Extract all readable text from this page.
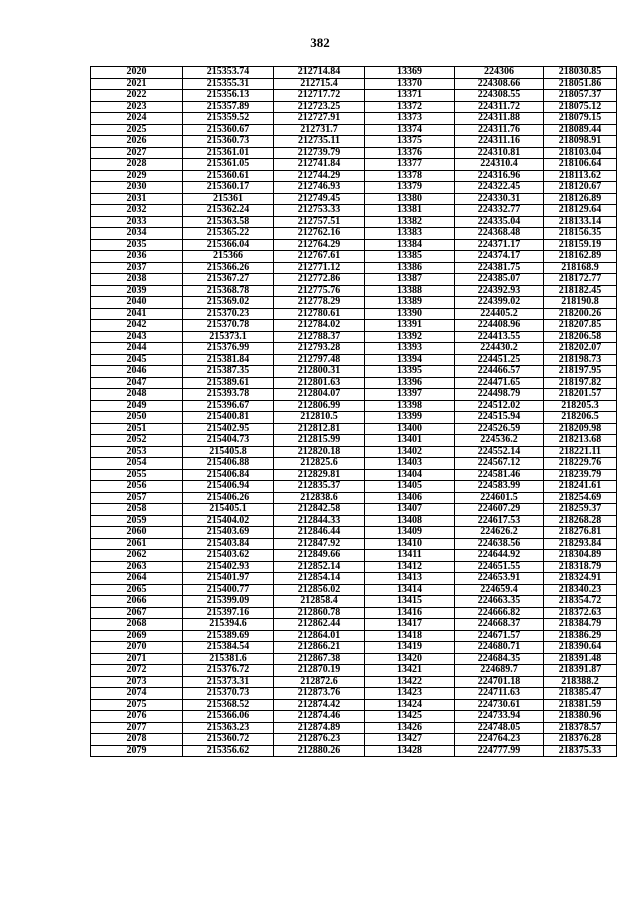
382
2020	215353.74	212714.84	13369	224306	218030.85
2021	215355.31	212715.4	13370	224308.66	218051.86
2022	215356.13	212717.72	13371	224308.55	218057.37
2023	215357.89	212723.25	13372	224311.72	218075.12
2024	215359.52	212727.91	13373	224311.88	218079.15
2025	215360.67	212731.7	13374	224311.76	218089.44
2026	215360.73	212735.11	13375	224311.16	218098.91
2027	215361.01	212739.79	13376	224310.81	218103.04
2028	215361.05	212741.84	13377	224310.4	218106.64
2029	215360.61	212744.29	13378	224316.96	218113.62
2030	215360.17	212746.93	13379	224322.45	218120.67
2031	215361	212749.45	13380	224330.31	218126.89
2032	215362.24	212753.33	13381	224332.77	218129.64
2033	215363.58	212757.51	13382	224335.04	218133.14
2034	215365.22	212762.16	13383	224368.48	218156.35
2035	215366.04	212764.29	13384	224371.17	218159.19
2036	215366	212767.61	13385	224374.17	218162.89
2037	215366.26	212771.12	13386	224381.75	218168.9
2038	215367.27	212772.86	13387	224385.07	218172.77
2039	215368.78	212775.76	13388	224392.93	218182.45
2040	215369.02	212778.29	13389	224399.02	218190.8
2041	215370.23	212780.61	13390	224405.2	218200.26
2042	215370.78	212784.02	13391	224408.96	218207.85
2043	215373.1	212788.37	13392	224413.55	218206.58
2044	215376.99	212793.28	13393	224430.2	218202.07
2045	215381.84	212797.48	13394	224451.25	218198.73
2046	215387.35	212800.31	13395	224466.57	218197.95
2047	215389.61	212801.63	13396	224471.65	218197.82
2048	215393.78	212804.07	13397	224498.79	218201.57
2049	215396.67	212806.99	13398	224512.02	218205.3
2050	215400.81	212810.5	13399	224515.94	218206.5
2051	215402.95	212812.81	13400	224526.59	218209.98
2052	215404.73	212815.99	13401	224536.2	218213.68
2053	215405.8	212820.18	13402	224552.14	218221.11
2054	215406.88	212825.6	13403	224567.12	218229.76
2055	215406.84	212829.81	13404	224581.46	218239.79
2056	215406.94	212835.37	13405	224583.99	218241.61
2057	215406.26	212838.6	13406	224601.5	218254.69
2058	215405.1	212842.58	13407	224607.29	218259.37
2059	215404.02	212844.33	13408	224617.53	218268.28
2060	215403.69	212846.44	13409	224626.2	218276.81
2061	215403.84	212847.92	13410	224638.56	218293.84
2062	215403.62	212849.66	13411	224644.92	218304.89
2063	215402.93	212852.14	13412	224651.55	218318.79
2064	215401.97	212854.14	13413	224653.91	218324.91
2065	215400.77	212856.02	13414	224659.4	218340.23
2066	215399.09	212858.4	13415	224663.35	218354.72
2067	215397.16	212860.78	13416	224666.82	218372.63
2068	215394.6	212862.44	13417	224668.37	218384.79
2069	215389.69	212864.01	13418	224671.57	218386.29
2070	215384.54	212866.21	13419	224680.71	218390.64
2071	215381.6	212867.38	13420	224684.35	218391.48
2072	215376.72	212870.19	13421	224689.7	218391.87
2073	215373.31	212872.6	13422	224701.18	218388.2
2074	215370.73	212873.76	13423	224711.63	218385.47
2075	215368.52	212874.42	13424	224730.61	218381.59
2076	215366.06	212874.46	13425	224733.94	218380.96
2077	215363.23	212874.89	13426	224748.05	218378.57
2078	215360.72	212876.23	13427	224764.23	218376.28
2079	215356.62	212880.26	13428	224777.99	218375.33
